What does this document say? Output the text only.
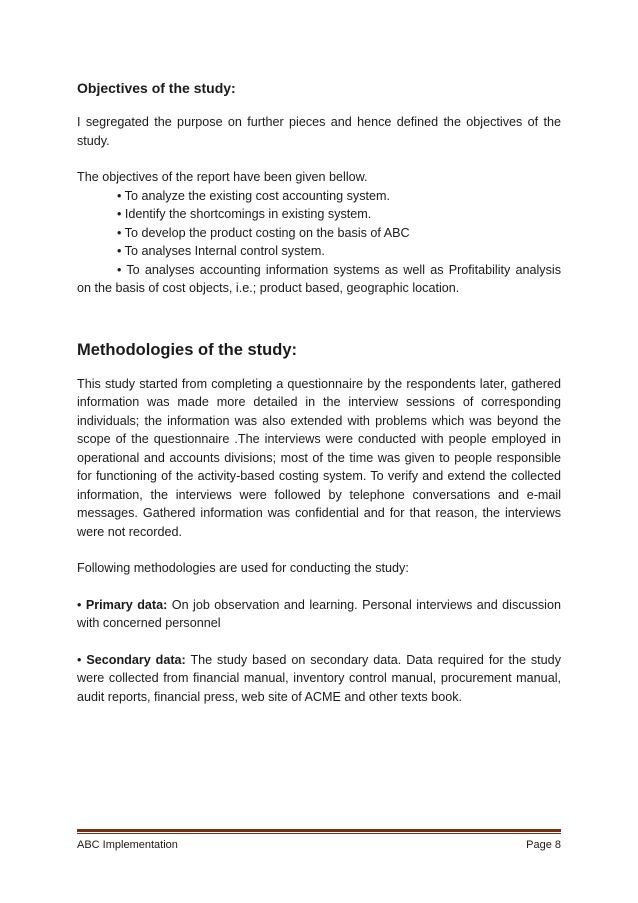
Objectives of the study:

I segregated the purpose on further pieces and hence defined the objectives of the study.

The objectives of the report have been given bellow.

• To analyze the existing cost accounting system.

• Identify the shortcomings in existing system.

• To develop the product costing on the basis of ABC

• To analyses Internal control system.

• To analyses accounting information systems as well as Profitability analysis on the basis of cost objects, i.e.; product based, geographic location.

Methodologies of the study:

This study started from completing a questionnaire by the respondents later, gathered information was made more detailed in the interview sessions of corresponding individuals; the information was also extended with problems which was beyond the scope of the questionnaire .The interviews were conducted with people employed in operational and accounts divisions; most of the time was given to people responsible for functioning of the activity-based costing system. To verify and extend the collected information, the interviews were followed by telephone conversations and e-mail messages. Gathered information was confidential and for that reason, the interviews were not recorded.

Following methodologies are used for conducting the study:

• Primary data: On job observation and learning. Personal interviews and discussion with concerned personnel

• Secondary data: The study based on secondary data. Data required for the study were collected from financial manual, inventory control manual, procurement manual, audit reports, financial press, web site of ACME and other texts book.

ABC Implementation	Page 8
